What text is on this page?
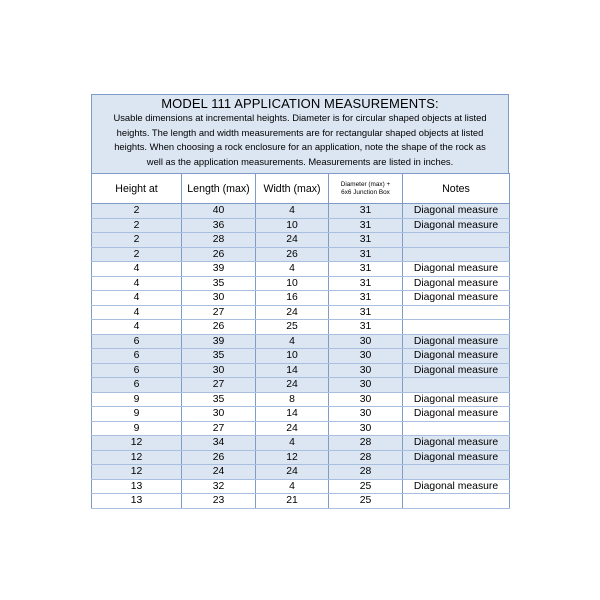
MODEL 111 APPLICATION MEASUREMENTS:
Usable dimensions at incremental heights. Diameter is for circular shaped objects at listed
heights. The length and width measurements are for rectangular shaped objects at listed
heights. When choosing a rock enclosure for an application, note the shape of the rock as
well as the application measurements. Measurements are listed in inches.
Height at	Length (max)	Width (max)	Diameter (max) +
6x6 Junction Box	Notes
2	40	4	31	Diagonal measure
2	36	10	31	Diagonal measure
2	28	24	31	
2	26	26	31	
4	39	4	31	Diagonal measure
4	35	10	31	Diagonal measure
4	30	16	31	Diagonal measure
4	27	24	31	
4	26	25	31	
6	39	4	30	Diagonal measure
6	35	10	30	Diagonal measure
6	30	14	30	Diagonal measure
6	27	24	30	
9	35	8	30	Diagonal measure
9	30	14	30	Diagonal measure
9	27	24	30	
12	34	4	28	Diagonal measure
12	26	12	28	Diagonal measure
12	24	24	28	
13	32	4	25	Diagonal measure
13	23	21	25	
